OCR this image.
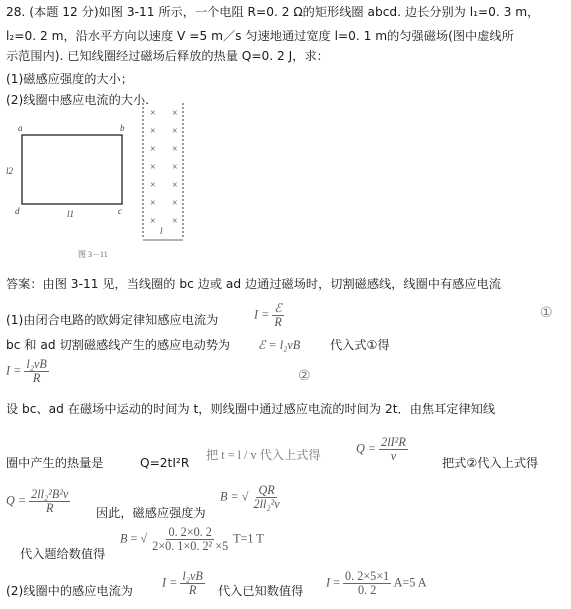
28. (本题 12 分)如图 3-11 所示，一个电阻 R=0. 2 Ω的矩形线圈 abcd. 边长分别为 l₁=0. 3 m，
l₂=0. 2 m，沿水平方向以速度 V =5 m／s 匀速地通过宽度 l=0. 1 m的匀强磁场(图中虚线所
示范围内). 已知线圈经过磁场后释放的热量 Q=0. 2 J，求：
(1)磁感应强度的大小；
(2)线圈中感应电流的大小.
a	b
c
d	l1
l2
× ×
× ×
× ×
× ×
× ×
× ×
× ×
l
图 3－11
答案：由图 3-11 见，当线圈的 bc 边或 ad 边通过磁场时，切割磁感线，线圈中有感应电流
(1)由闭合电路的欧姆定律知感应电流为	$I = \frac{\text{ℰ}}{R}$	①
bc 和 ad 切割磁感线产生的感应电动势为 ℰ = l₂vB 代入式①得
$I = \frac{\text{l₂vB}}{R}$	②
设 bc、ad 在磁场中运动的时间为 t，则线圈中通过感应电流的时间为 2t．由焦耳定律知线
圈中产生的热量是	Q=2tI²R
把 t = l / v 代入上式得	$Q = \frac{\text{2lI²R}}{v}$	把式②代入上式得
$Q = \frac{\text{2ll₂²B²v}}{R}$ 因此，磁感应强度为
B = √ $\frac{QR}{\text{2ll₂²v}}$
代入题给数值得
B = √ $\frac{0. 2\times 0. 2}{\text{2×0. 1×0. 2² ×5}} T=1$ T
(2)线圈中的感应电流为
$I = \frac{\text{l₂vB}}{R}$ 代入已知数值得
$I = \frac{0. 2\times 5\times 1}{0. 2} A=5$ A
